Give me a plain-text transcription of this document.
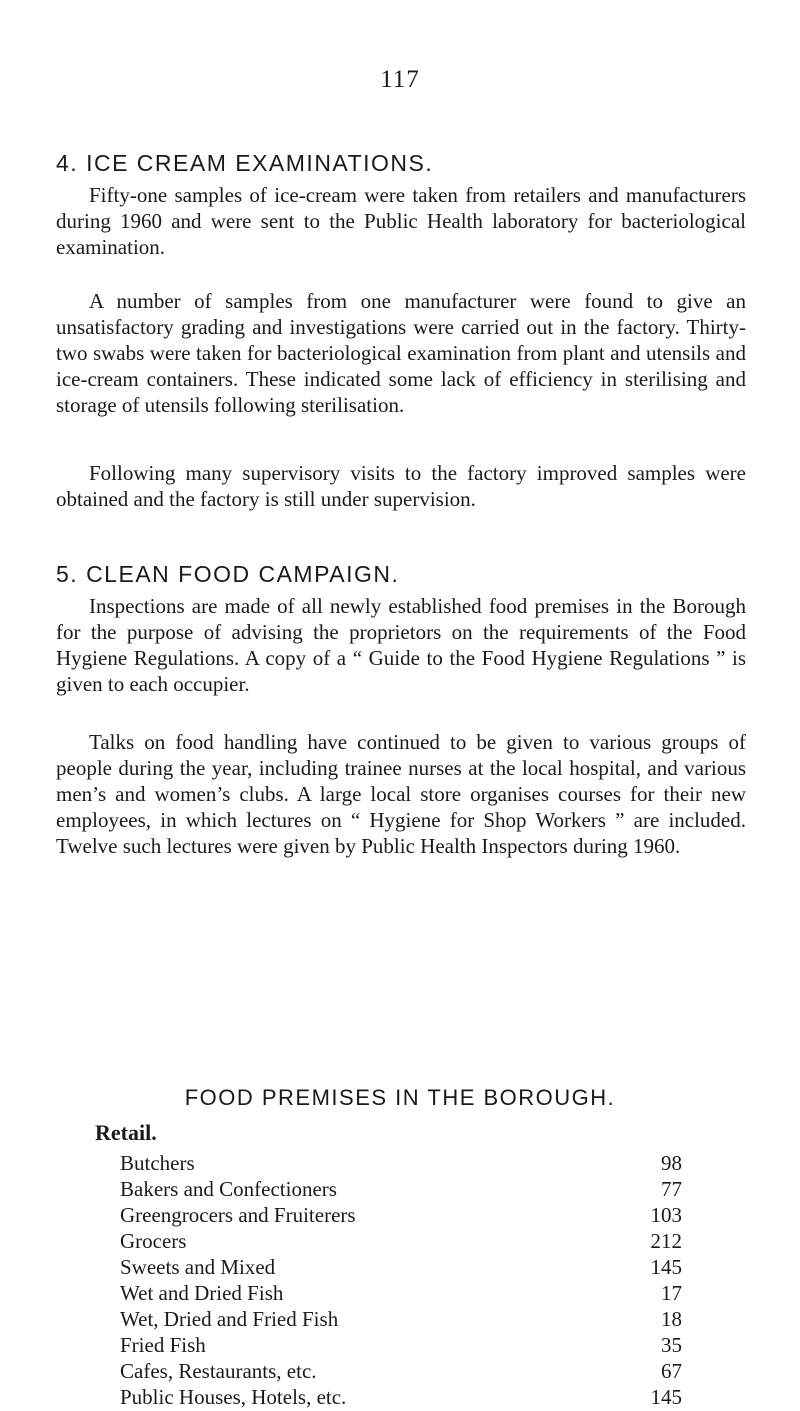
117
4. ICE CREAM EXAMINATIONS.

Fifty-one samples of ice-cream were taken from retailers and manufacturers during 1960 and were sent to the Public Health laboratory for bacteriological examination.

A number of samples from one manufacturer were found to give an unsatisfactory grading and investigations were carried out in the factory. Thirty-two swabs were taken for bacteriological examination from plant and utensils and ice-cream containers. These indicated some lack of efficiency in sterilising and storage of utensils following sterilisation.

Following many supervisory visits to the factory improved samples were obtained and the factory is still under supervision.

5. CLEAN FOOD CAMPAIGN.

Inspections are made of all newly established food premises in the Borough for the purpose of advising the proprietors on the requirements of the Food Hygiene Regulations. A copy of a “ Guide to the Food Hygiene Regulations ” is given to each occupier.

Talks on food handling have continued to be given to various groups of people during the year, including trainee nurses at the local hospital, and various men’s and women’s clubs. A large local store organises courses for their new employees, in which lectures on “ Hygiene for Shop Workers ” are included. Twelve such lectures were given by Public Health Inspectors during 1960.

FOOD PREMISES IN THE BOROUGH.
Retail.
Butchers	98
Bakers and Confectioners	77
Greengrocers and Fruiterers	103
Grocers	212
Sweets and Mixed	145
Wet and Dried Fish	17
Wet, Dried and Fried Fish	18
Fried Fish	35
Cafes, Restaurants, etc.	67
Public Houses, Hotels, etc.	145
